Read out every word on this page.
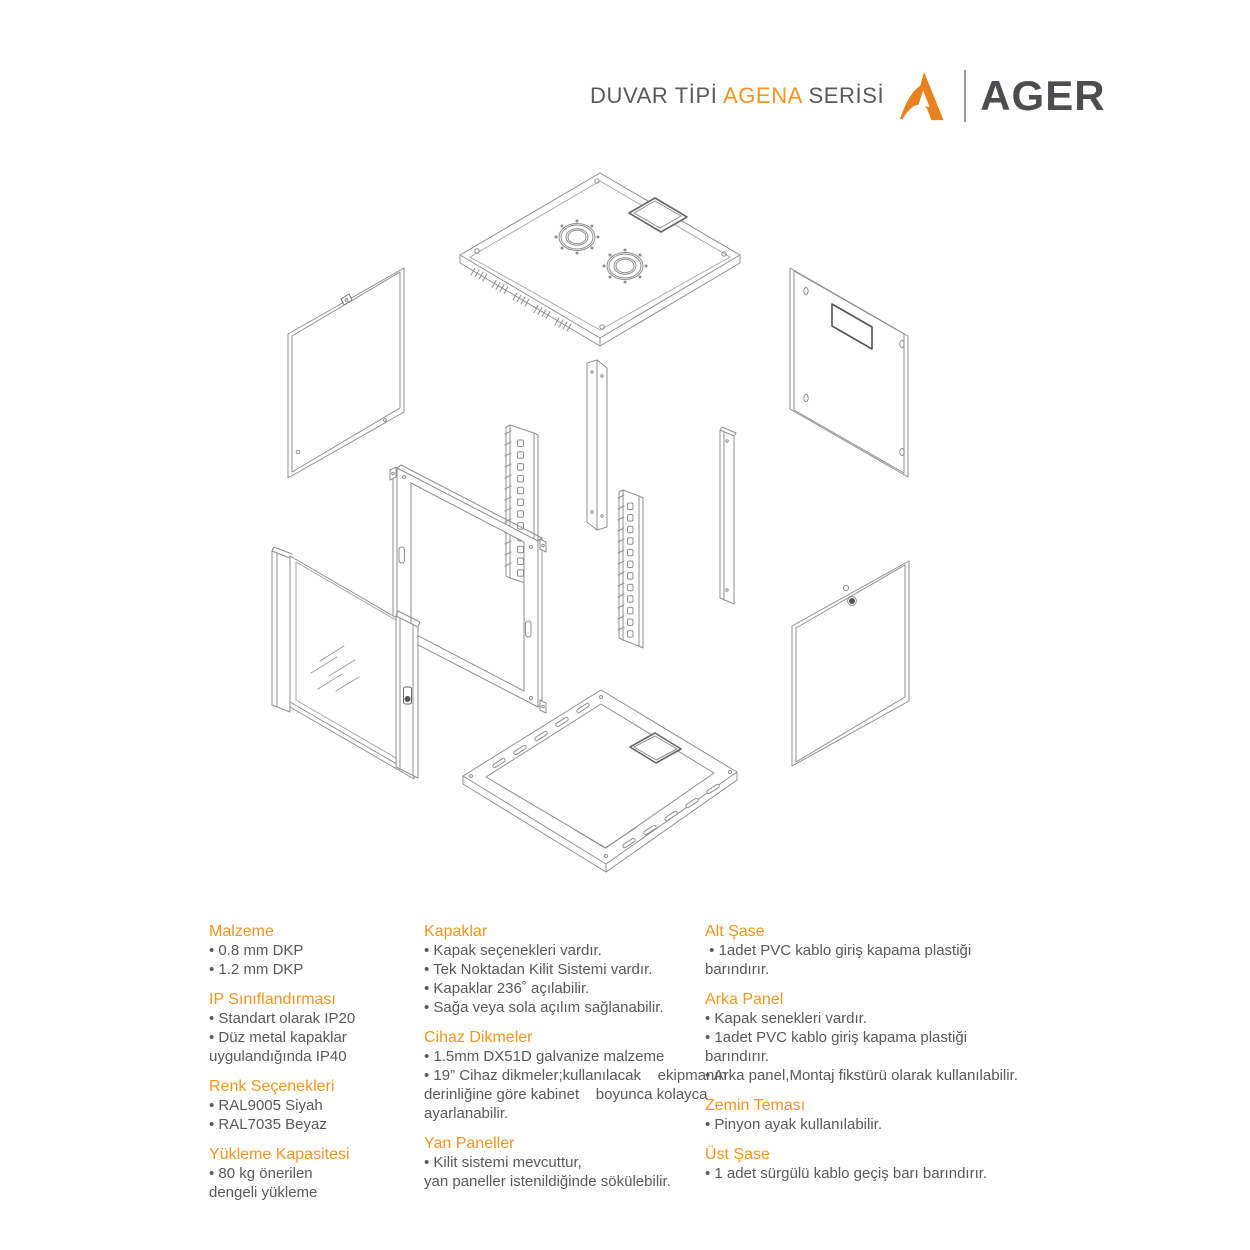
DUVAR TİPİ AGENA SERİSİ AGER
Malzeme
• 0.8 mm DKP
• 1.2 mm DKP
IP Sınıflandırması
• Standart olarak IP20
• Düz metal kapaklar
uygulandığında IP40
Renk Seçenekleri
• RAL9005 Siyah
• RAL7035 Beyaz
Yükleme Kapasitesi
• 80 kg önerilen
dengeli yükleme
Kapaklar
• Kapak seçenekleri vardır.
• Tek Noktadan Kilit Sistemi vardır.
• Kapaklar 236˚ açılabilir.
• Sağa veya sola açılım sağlanabilir.
Cihaz Dikmeler
• 1.5mm DX51D galvanize malzeme
• 19” Cihaz dikmeler;kullanılacak    ekipmanın
derinliğine göre kabinet    boyunca kolayca
ayarlanabilir.
Yan Paneller
• Kilit sistemi mevcuttur,
yan paneller istenildiğinde sökülebilir.
Alt Şase
• 1adet PVC kablo giriş kapama plastiği
barındırır.
Arka Panel
• Kapak senekleri vardır.
• 1adet PVC kablo giriş kapama plastiği
barındırır.
• Arka panel,Montaj fikstürü olarak kullanılabilir.
Zemin Teması
• Pinyon ayak kullanılabilir.
Üst Şase
• 1 adet sürgülü kablo geçiş barı barındırır.
